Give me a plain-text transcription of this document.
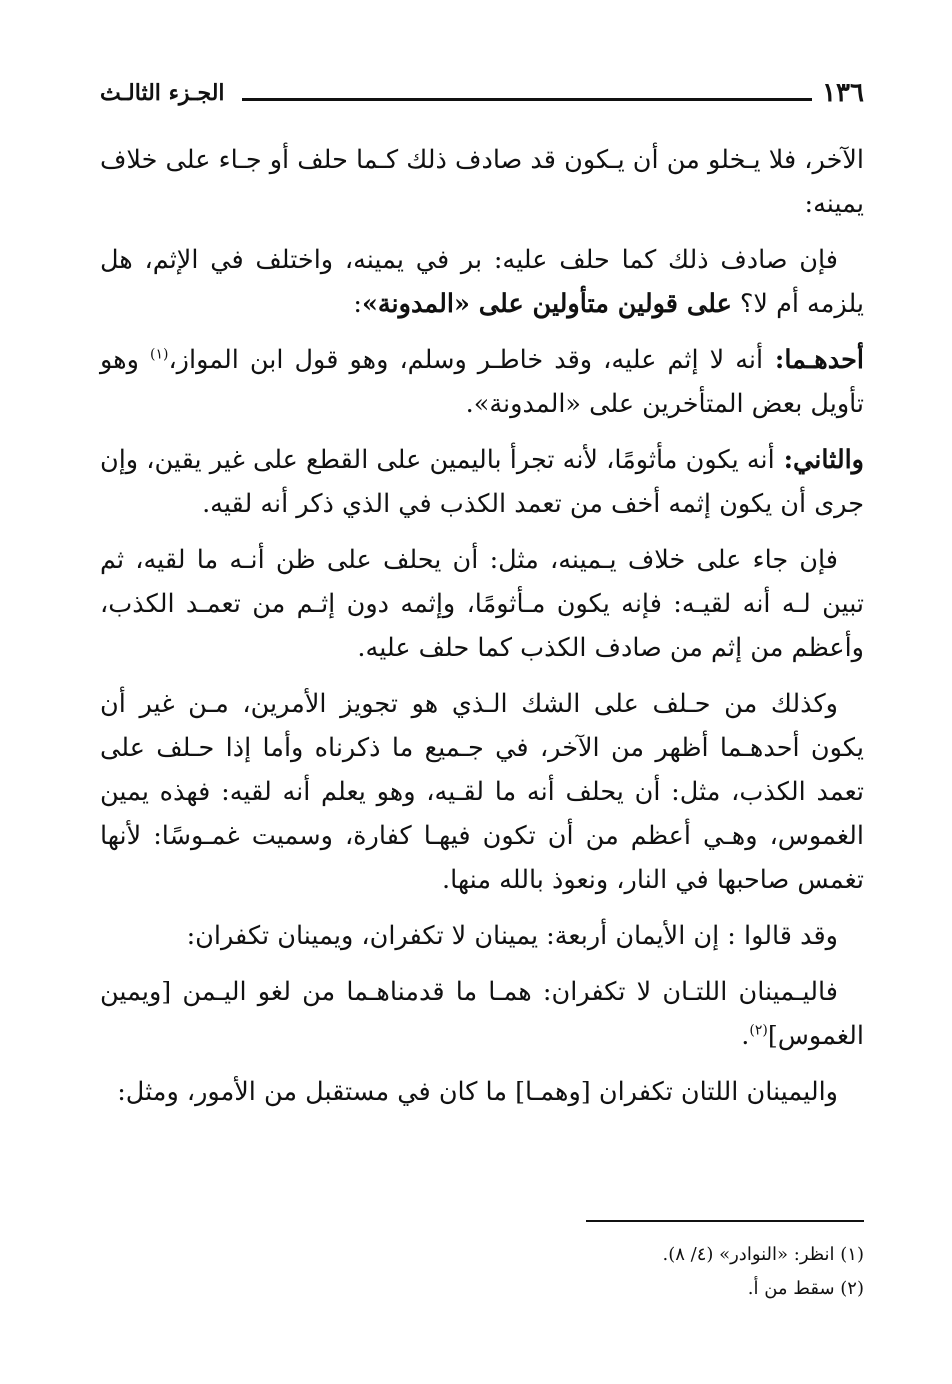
١٣٦
الجـزء الثالـث

الآخر، فلا يـخلو من أن يـكون قد صادف ذلك كـما حلف أو جـاء على خلاف يمينه:

فإن صادف ذلك كما حلف عليه: بر في يمينه، واختلف في الإثم، هل يلزمه أم لا؟ على قولين متأولين على «المدونة»:

أحدهـما: أنه لا إثم عليه، وقد خاطـر وسلم، وهو قول ابن المواز،$^{(١)}$ وهو تأويل بعض المتأخرين على «المدونة».

والثاني: أنه يكون مأثومًا، لأنه تجرأ باليمين على القطع على غير يقين، وإن جرى أن يكون إثمه أخف من تعمد الكذب في الذي ذكر أنه لقيه.

فإن جاء على خلاف يـمينه، مثل: أن يحلف على ظن أنـه ما لقيه، ثم تبين لـه أنه لقيـه: فإنه يكون مـأثومًا، وإثمه دون إثـم من تعمـد الكذب، وأعظم من إثم من صادف الكذب كما حلف عليه.

وكذلك من حـلف على الشك الـذي هو تجويز الأمرين، مـن غير أن يكون أحدهـما أظهر من الآخر، في جـميع ما ذكرناه وأما إذا حـلف على تعمد الكذب، مثل: أن يحلف أنه ما لقـيه، وهو يعلم أنه لقيه: فهذه يمين الغموس، وهـي أعظم من أن تكون فيهـا كفارة، وسميت غمـوسًا: لأنها تغمس صاحبها في النار، ونعوذ بالله منها.

وقد قالوا : إن الأيمان أربعة: يمينان لا تكفران، ويمينان تكفران:

فاليـمينان اللتـان لا تكفران: همـا ما قدمناهـما من لغو اليـمن [ويمين الغموس]$^{(٢)}$.

واليمينان اللتان تكفران [وهمـا] ما كان في مستقبل من الأمور، ومثل:

(١) انظر: «النوادر» (٤/ ٨).

(٢) سقط من أ.
